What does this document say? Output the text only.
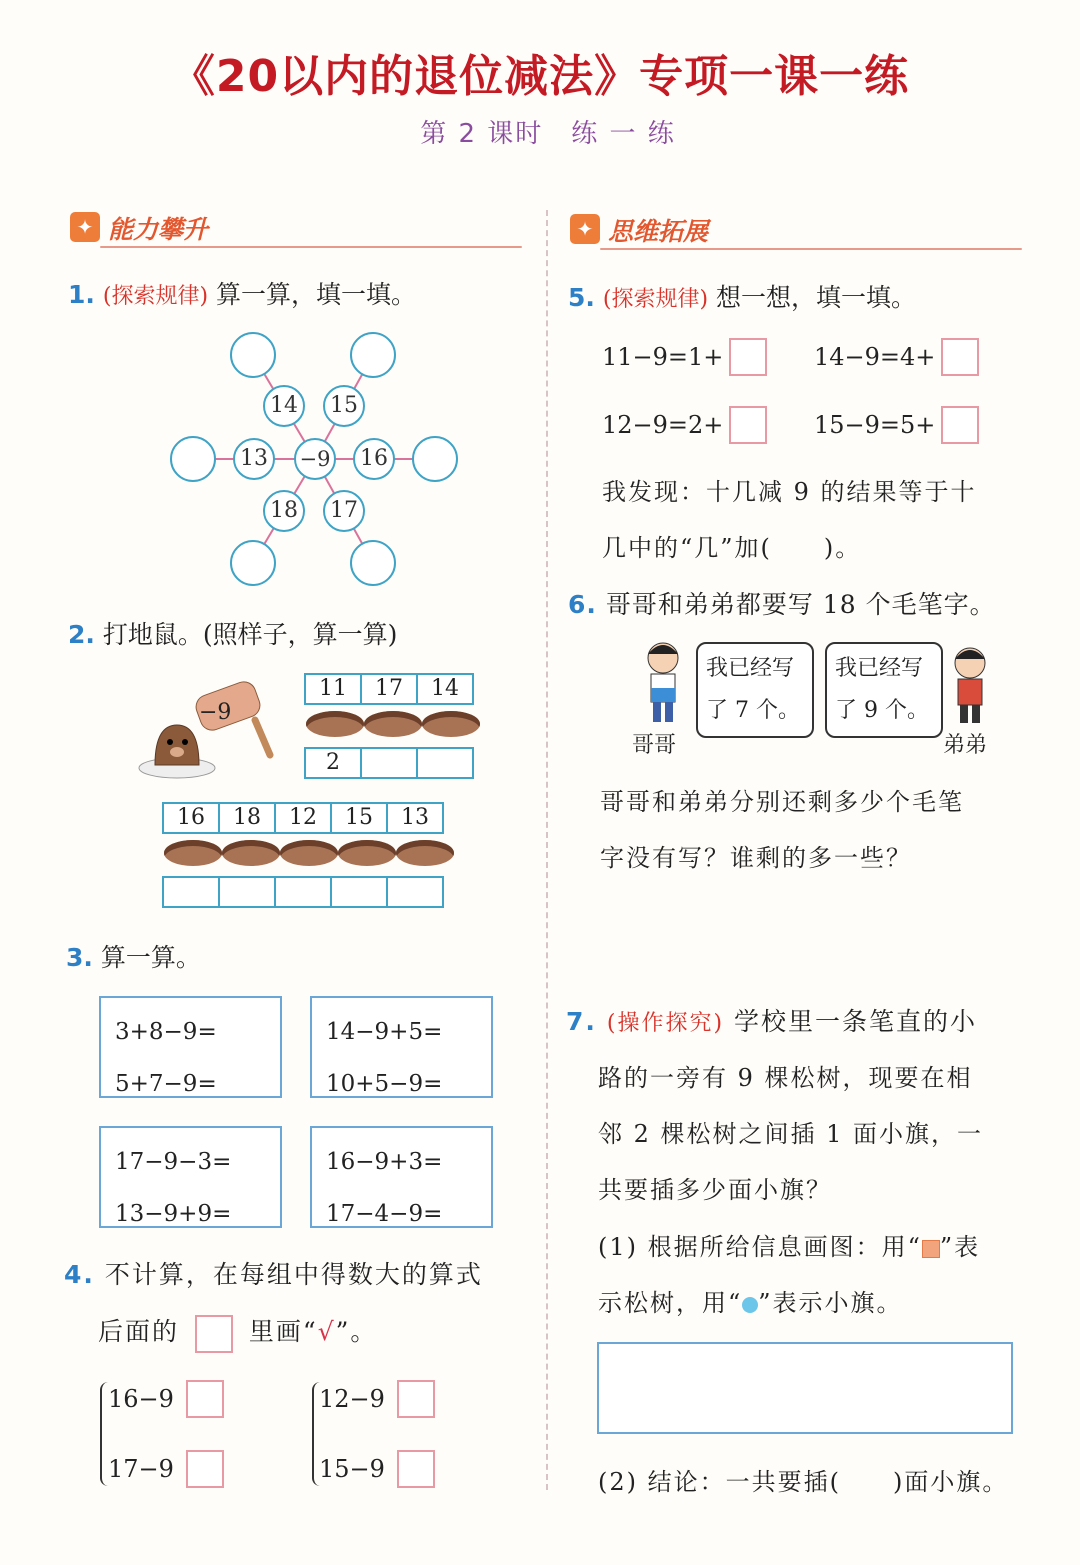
《20以内的退位减法》专项一课一练
第 2 课时　练 一 练
✦ 能力攀升
1. (探索规律) 算一算，填一填。
14	15
13	−9	16
18	17
2. 打地鼠。(照样子，算一算)
−9
11	17	14
2
16	18	12	15	13
3. 算一算。
3+8−9=
5+7−9=
14−9+5=
10+5−9=
17−9−3=
13−9+9=
16−9+3=
17−4−9=
4. 不计算，在每组中得数大的算式
后面的	里画“√”。
16−9
17−9
12−9
15−9
✦ 思维拓展
5. (探索规律) 想一想，填一填。
11−9=1+	14−9=4+
12−9=2+	15−9=5+
我发现：十几减 9 的结果等于十
几中的“几”加(　　)。
6. 哥哥和弟弟都要写 18 个毛笔字。
我已经写
了 7 个。
我已经写
了 9 个。
哥哥	弟弟
哥哥和弟弟分别还剩多少个毛笔
字没有写？谁剩的多一些？
7. (操作探究) 学校里一条笔直的小
路的一旁有 9 棵松树，现要在相
邻 2 棵松树之间插 1 面小旗，一
共要插多少面小旗？
(1) 根据所给信息画图：用“ ”表
示松树，用“ ”表示小旗。
(2) 结论：一共要插(　　)面小旗。
